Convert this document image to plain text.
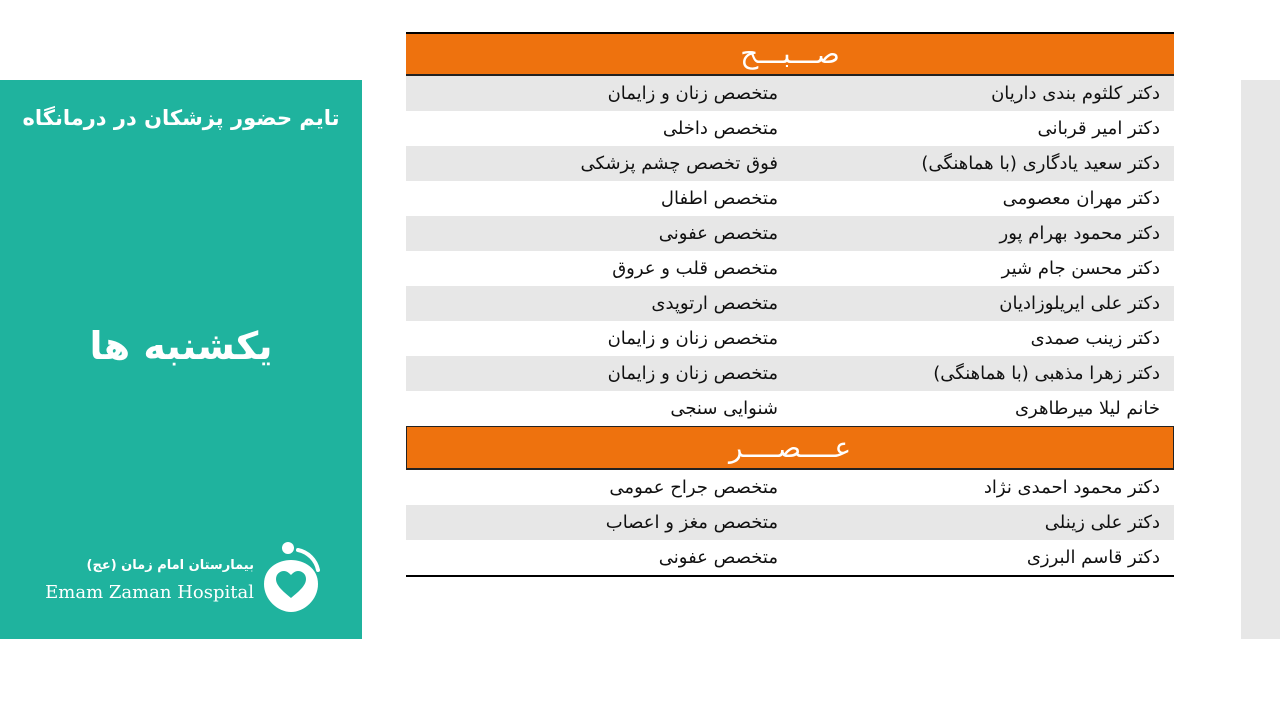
تایم حضور پزشکان در درمانگاه
یکشنبه ها
بیمارستان امام زمان (عج)
Emam Zaman Hospital
صـــبـــح
دکتر کلثوم بندی داریان
متخصص زنان و زایمان
دکتر امیر قربانی
متخصص داخلی
دکتر سعید یادگاری (با هماهنگی)
فوق تخصص چشم پزشکی
دکتر مهران معصومی
متخصص اطفال
دکتر محمود بهرام پور
متخصص عفونی
دکتر محسن جام شیر
متخصص قلب و عروق
دکتر علی ایریلوزادیان
متخصص ارتوپدی
دکتر زینب صمدی
متخصص زنان و زایمان
دکتر زهرا مذهبی (با هماهنگی)
متخصص زنان و زایمان
خانم لیلا میرطاهری
شنوایی سنجی
عــــصــــر
دکتر محمود احمدی نژاد
متخصص جراح عمومی
دکتر علی زینلی
متخصص مغز و اعصاب
دکتر قاسم البرزی
متخصص عفونی
